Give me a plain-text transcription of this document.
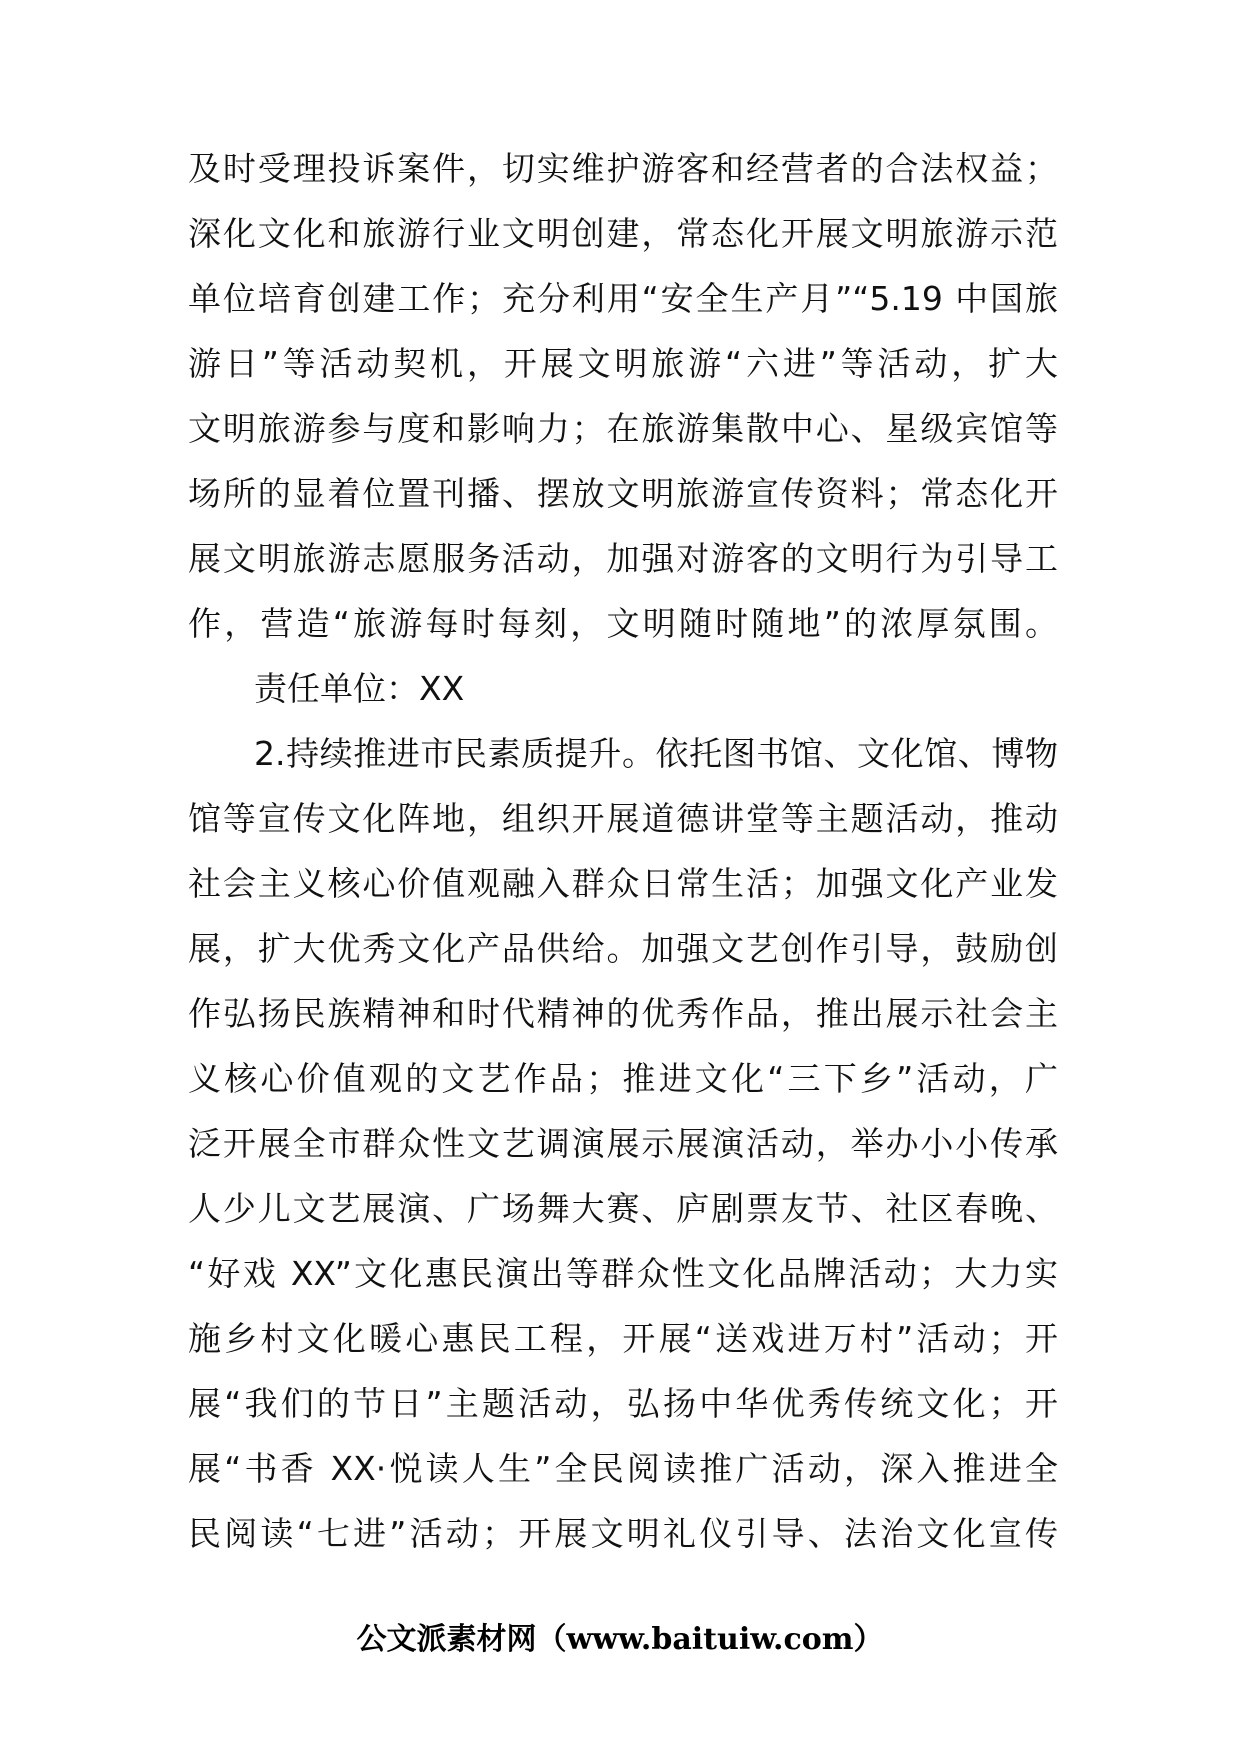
及时受理投诉案件，切实维护游客和经营者的合法权益；
深化文化和旅游行业文明创建，常态化开展文明旅游示范
单位培育创建工作；充分利用“安全生产月”“5.19 中国旅
游日”等活动契机，开展文明旅游“六进”等活动，扩大
文明旅游参与度和影响力；在旅游集散中心、星级宾馆等
场所的显着位置刊播、摆放文明旅游宣传资料；常态化开
展文明旅游志愿服务活动，加强对游客的文明行为引导工
作，营造“旅游每时每刻，文明随时随地”的浓厚氛围。
责任单位：XX
2.持续推进市民素质提升。依托图书馆、文化馆、博物
馆等宣传文化阵地，组织开展道德讲堂等主题活动，推动
社会主义核心价值观融入群众日常生活；加强文化产业发
展，扩大优秀文化产品供给。加强文艺创作引导，鼓励创
作弘扬民族精神和时代精神的优秀作品，推出展示社会主
义核心价值观的文艺作品；推进文化“三下乡”活动，广
泛开展全市群众性文艺调演展示展演活动，举办小小传承
人少儿文艺展演、广场舞大赛、庐剧票友节、社区春晚、
“好戏 XX”文化惠民演出等群众性文化品牌活动；大力实
施乡村文化暖心惠民工程，开展“送戏进万村”活动；开
展“我们的节日”主题活动，弘扬中华优秀传统文化；开
展“书香 XX·悦读人生”全民阅读推广活动，深入推进全
民阅读“七进”活动；开展文明礼仪引导、法治文化宣传
公文派素材网（www.baituiw.com）
